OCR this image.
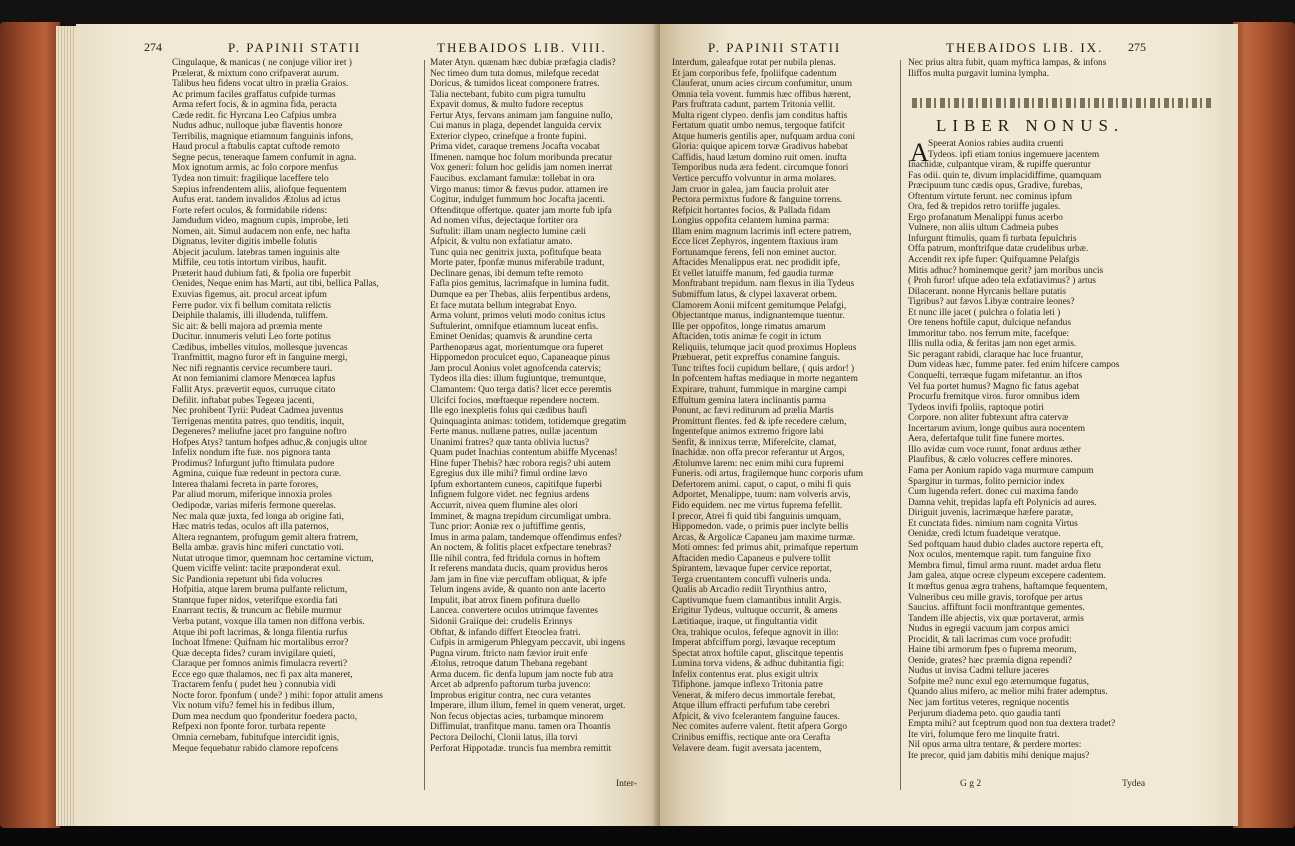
274	P. PAPINII STATII	THEBAIDOS LIB. VIII.
Cingulaque, & manicas ( ne conjuge vilior iret )
Prælerat, & mixtum cono crifpaverat aurum.
Talibus heu fidens vocat ultro in prælia Graios.
Ac primum faciles graffatus cufpide turmas
Arma refert focis, & in agmina fida, peracta
Cæde redit. fic Hyrcana Leo Cafpius umbra
Nudus adhuc, nulloque jubæ flaventis honore
Terribilis, magnique etiamnum fanguinis infons,
Haud procul a ftabulis captat cuftode remoto
Segne pecus, teneraque famem confumit in agna.
Mox ignotum armis, ac folo corpore menfus
Tydea non timuit: fragilique laceffere telo
Sæpius infrendentem aliis, aliofque fequentem
Aufus erat. tandem invalidos Ætolus ad ictus
Forte refert oculos, & formidabile ridens:
Jamdudum video, magnum cupis, improbe, leti
Nomen, ait. Simul audacem non enfe, nec hafta
Dignatus, leviter digitis imbelle folutis
Abjecit jaculum. latebras tamen inguinis alte
Miffile, ceu totis intortum viribus, haufit.
Præterit haud dubium fati, & fpolia ore fuperbit
Oenides, Neque enim has Marti, aut tibi, bellica Pallas,
Exuvias figemus, ait. procul arceat ipfum
Ferre pudor. vix fi bellum comitata relictis
Deiphile thalamis, illi illudenda, tuliffem.
Sic ait: & belli majora ad præmia mente
Ducitur. innumeris veluti Leo forte potitus
Cædibus, imbelles vitulos, mollesque juvencas
Tranfmittit, magno furor eft in fanguine mergi,
Nec nifi regnantis cervice recumbere tauri.
At non femianimi clamore Menœcea lapfus
Fallit Atys. prævertit equos, curruque citato
Defilit. inftabat pubes Tegeæa jacenti,
Nec prohibent Tyrii: Pudeat Cadmea juventus
Terrigenas mentita patres, quo tenditis, inquit,
Degeneres? meliufne jacet pro fanguine noftro
Hofpes Atys? tantum hofpes adhuc,& conjugis ultor
Infelix nondum ifte fuæ. nos pignora tanta
Prodimus? Infurgunt jufto ftimulata pudore
Agmina, cuique fuæ redeunt in pectora curæ.
Interea thalami fecreta in parte forores,
Par aliud morum, miferique innoxia proles
Oedipodæ, varias miferis fermone querelas.
Nec mala quæ juxta, fed longa ab origine fati,
Hæc matris tedas, oculos aft illa paternos,
Altera regnantem, profugum gemit altera fratrem,
Bella ambæ. gravis hinc miferi cunctatio voti.
Nutat utroque timor, quemnam hoc certamine victum,
Quem viciffe velint: tacite præponderat exul.
Sic Pandionia repetunt ubi fida volucres
Hofpitia, atque larem bruma pulfante relictum,
Stantque fuper nidos, veterifque exordia fati
Enarrant tectis, & truncum ac flebile murmur
Verba putant, voxque illa tamen non diffona verbis.
Atque ibi poft lacrimas, & longa filentia rurfus
Inchoat Ifmene: Quifnam hic mortalibus error?
Quæ decepta fides? curam invigilare quieti,
Claraque per fomnos animis fimulacra reverti?
Ecce ego quæ thalamos, nec fi pax alta maneret,
Tractarem fenfu ( pudet heu ) connubia vidi
Nocte foror. fponfum ( unde? ) mihi: fopor attulit amens
Vix notum vifu? femel his in fedibus illum,
Dum mea necdum quo fponderitur foedera pacto,
Refpexi non fponte foror. turbata repente
Omnia cernebam, fubitufque intercidit ignis,
Meque fequebatur rabido clamore repofcens
Mater Atyn. quænam hæc dubiæ præfagia cladis?
Nec timeo dum tuta domus, milefque recedat
Doricus, & tumidos liceat componere fratres.
Talia nectebant, fubito cum pigra tumultu
Expavit domus, & multo fudore receptus
Fertur Atys, fervans animam jam fanguine nullo,
Cui manus in plaga, dependet languida cervix
Exterior clypeo, crinefque a fronte fupini.
Prima videt, caraque tremens Jocafta vocabat
Ifmenen. namque hoc folum moribunda precatur
Vox generi: folum hoc gelidis jam nomen inerrat
Faucibus. exclamant famulæ: tollebat in ora
Virgo manus: timor & fævus pudor. attamen ire
Cogitur, indulget fummum hoc Jocafta jacenti.
Oftenditque offertque. quater jam morte fub ipfa
Ad nomen vifus, dejectaque fortiter ora
Suftulit: illam unam neglecto lumine cæli
Afpicit, & vultu non exfatiatur amato.
Tunc quia nec genitrix juxta, pofitufque beata
Morte pater, fponfæ munus miferabile tradunt,
Declinare genas, ibi demum tefte remoto
Fafla pios gemitus, lacrimafque in lumina fudit.
Dumque ea per Thebas, aliis ferpentibus ardens,
Et face mutata bellum integrabat Enyo.
Arma volunt, primos veluti modo conitus ictus
Suftulerint, omnifque etiamnum luceat enfis.
Eminet Oenidas; quamvis & arundine certa
Parthenopæus agat, morientumque ora fuperet
Hippomedon proculcet equo, Capaneaque pinus
Jam procul Aonius volet agnofcenda catervis;
Tydeos illa dies: illum fugiuntque, tremuntque,
Clamantem: Quo terga datis? licet ecce peremtis
Ulcifci focios, mœftaeque rependere noctem.
Ille ego inexpletis folus qui cædibus haufi
Quinquaginta animas: totidem, totidemque gregatim
Ferte manus. nullæne patres, nullæ jacentum
Unanimi fratres? quæ tanta oblivia luctus?
Quam pudet Inachias contentum abiiffe Mycenas!
Hine fuper Thebis? hæc robora regis? ubi autem
Egregius dux ille mihi? fimul ordine lævo
Ipfum exhortantem cuneos, capitifque fuperbi
Infignem fulgore videt. nec fegnius ardens
Accurrit, nivea quem flumine ales olori
Imminet, & magna trepidum circumligat umbra.
Tunc prior: Aoniæ rex o juftiffime gentis,
Imus in arma palam, tandemque offendimus enfes?
An noctem, & folitis placet exfpectare tenebras?
Ille nihil contra, fed ftridula cornus in hoftem
It referens mandata ducis, quam providus heros
Jam jam in fine viæ percuffam obliquat, & ipfe
Telum ingens avide, & quanto non ante lacerto
Impulit, ibat atrox finem pofitura duello
Lancea. convertere oculos utrimque faventes
Sidonii Graiique dei: crudelis Erinnys
Obftat, & infando differt Eteoclea fratri.
Cufpis in armigerum Phlegyam peccavit, ubi ingens
Pugna virum. ftricto nam fævior iruit enfe
Ætolus, retroque datum Thebana regebant
Arma ducem. fic denfa lupum jam nocte fub atra
Arcet ab adprenfo paftorum turba juvenco:
Improbus erigitur contra, nec cura vetantes
Imperare, illum illum, femel in quem venerat, urget.
Non fecus objectas acies, turbamque minorem
Diffimulat, tranfitque manu. tamen ora Thoantis
Pectora Deilochi, Clonii latus, illa torvi
Perforat Hippotadæ. truncis fua membra remittit
Inter-
P. PAPINII STATII	THEBAIDOS LIB. IX. 275
Interdum, galeafque rotat per nubila plenas.
Et jam corporibus fefe, fpoliifque cadentum
Clauferat, unum acies circum confumitur, unum
Omnia tela vovent. fummis hæc offibus hærent,
Pars fruftrata cadunt, partem Tritonia vellit.
Multa rigent clypeo. denfis jam conditus haftis
Fertatum quatit umbo nemus, tergoque fatifcit
Atque humeris gentilis aper, nufquam ardua coni
Gloria: quique apicem torvæ Gradivus habebat
Caffidis, haud lætum domino ruit omen. inufta
Temporibus nuda æra fedent. circumque fonori
Vertice percuffo volvuntur in arma molares.
Jam cruor in galea, jam faucia proluit ater
Pectora permixtus fudore & fanguine torrens.
Refpicit hortantes focios, & Pallada fidam
Longius oppofita celantem lumina parma:
Illam enim magnum lacrimis infl ectere patrem,
Ecce licet Zephyros, ingentem ftaxiuus iram
Fortunamque ferens, feli non eminet auctor.
Aftacides Menalippus erat. nec prodidit ipfe,
Et vellet latuiffe manum, fed gaudia turmæ
Monftrabant trepidum. nam flexus in ilia Tydeus
Submiffum latus, & clypei laxaverat orbem.
Clamorem Aonii mifcent gemitumque Pelafgi,
Objectantque manus, indignantemque tuentur.
Ille per oppofitos, longe rimatus amarum
Aftaciden, totis animæ fe cogit in ictum
Reliquiis, telumque jacit quod proximus Hopleus
Præbuerat, petit expreffus conamine fanguis.
Tunc triftes focii cupidum bellare, ( quis ardor! )
In pofcentem haftas mediaque in morte negantem
Expirare, trahunt, fummique in margine campi
Effultum gemina latera inclinantis parma
Ponunt, ac fævi rediturum ad prælia Martis
Promittunt flentes. fed & ipfe recedere cælum,
Ingentefque animos extremo frigore labi
Senfit, & innixus terræ, Mifereſcite, clamat,
Inachidæ. non offa precor referantur ut Argos,
Ætolumve larem: nec enim mihi cura fupremi
Funeris. odi artus, fragilemque hunc corporis ufum
Defertorem animi. caput, o caput, o mihi fi quis
Adportet, Menalippe, tuum: nam volveris arvis,
Fido equidem. nec me virtus fuprema fefellit.
I precor, Atrei fi quid tibi fanguinis umquam,
Hippomedon. vade, o primis puer inclyte bellis
Arcas, & Argolicæ Capaneu jam maxime turmæ.
Moti omnes: fed primus abit, primafque repertum
Aftaciden medio Capaneus e pulvere tollit
Spirantem, lævaque fuper cervice reportat,
Terga cruentantem concuffi vulneris unda.
Qualis ab Arcadio rediit Tirynthius antro,
Captivumque fuem clamantibus intulit Argis.
Erigitur Tydeus, vultuque occurrit, & amens
Lætitiaque, iraque, ut fingultantia vidit
Ora, trahique oculos, fefeque agnovit in illo:
Imperat abfciffum porgi, lævaque receptum
Spectat atrox hoftile caput, gliscitque tepentis
Lumina torva videns, & adhuc dubitantia figi:
Infelix contentus erat. plus exigit ultrix
Tifiphone. jamque inflexo Tritonia patre
Venerat, & mifero decus immortale ferebat,
Atque illum effracti perfufum tabe cerebri
Afpicit, & vivo fcelerantem fanguine fauces.
Nec comites auferre valent. ftetit afpera Gorgo
Crinibus emiffis, rectique ante ora Cerafta
Velavere deam. fugit aversata jacentem,
Nec prius altra fubit, quam myftica lampas, & infons
Iliffos multa purgavit lumina lympha.
LIBER NONUS.
A Speerat Aonios rabies audita cruenti
Tydeos. ipfi etiam tonius ingemuere jacentem
Inachidæ, culpantque viram, & rupiffe queruntur
Fas odii. quin te, divum implacidiffime, quamquam
Præcipuum tunc cædis opus, Gradive, furebas,
Oftentum virtute ferunt. nec cominus ipfum
Ora, fed & trepidos retro toriiffe jugales.
Ergo profanatum Menalippi funus acerbo
Vulnere, non aliis ultum Cadmeia pubes
Infurgunt ftimulis, quam fi turbata fepulchris
Offa patrum, monftrifque datæ crudelibus urbæ.
Accendit rex ipfe fuper: Quifquamne Pelafgis
Mitis adhuc? hominemque gerit? jam moribus uncis
( Proh furor! ufque adeo tela exfatiavimus? ) artus
Dilacerant. nonne Hyrcanis bellare putatis
Tigribus? aut fævos Libyæ contraire leones?
Et nunc ille jacet ( pulchra o folatia leti )
Ore tenens hoftile caput, dulcique nefandus
Immoritur tabo. nos ferrum mite, facefque:
Illis nulla odia, & feritas jam non eget armis.
Sic peragant rabidi, claraque hac luce fruantur,
Dum videas hæc, fumme pater. fed enim hifcere campos
Conqueſti, terræque fugam mifetantur. an iftos
Vel fua portet humus? Magno fic fatus agebat
Procurfu fremitque viros. furor omnibus idem
Tydeos invifi fpoliis, raptoque potiri
Corpore. non aliter fubtexunt aftra catervæ
Incertarum avium, longe quibus aura nocentem
Aera, defertafque tulit fine funere mortes.
Illo avidæ cum voce ruunt, fonat arduus æther
Plaufibus, & cælo volucres ceffere minores.
Fama per Aonium rapido vaga murmure campum
Spargitur in turmas, folito pernicior index
Cum lugenda refert. donec cui maxima fando
Damna vehit, trepidas lapfa eft Polynicis ad aures.
Diriguit juvenis, lacrimæque hæfere paratæ,
Et cunctata fides. nimium nam cognita Virtus
Oenidæ, credi lctum fuadetque veratque.
Sed poftquam haud dubio clades auctore reperta eft,
Nox oculos, mentemque rapit. tum fanguine fixo
Membra fimul, fimul arma ruunt. madet ardua fletu
Jam galea, atque ocreæ clypeum excepere cadentem.
It mœftus genua ægra trahens, haftamque fequentem,
Vulneribus ceu mille gravis, torofque per artus
Saucius. affiftunt focii monftrantque gementes.
Tandem ille abjectis, vix quæ portaverat, armis
Nudus in egregii vacuum jam corpus amici
Procidit, & tali lacrimas cum voce profudit:
Haine tibi armorum fpes o fuprema meorum,
Oenide, grates? hæc præmia digna rependi?
Nudus ut invisa Cadmi tellure jaceres
Sofpite me? nunc exul ego æternumque fugatus,
Quando alius mifero, ac melior mihi frater ademptus.
Nec jam fortitus veteres, regnique nocentis
Perjurum diadema peto. quo gaudia tanti
Empta mihi? aut fceptrum quod non tua dextera tradet?
Ite viri, folumque fero me linquite fratri.
Nil opus arma ultra tentare, & perdere mortes:
Ite precor, quid jam dabitis mihi denique majus?
G g 2	Tydea
